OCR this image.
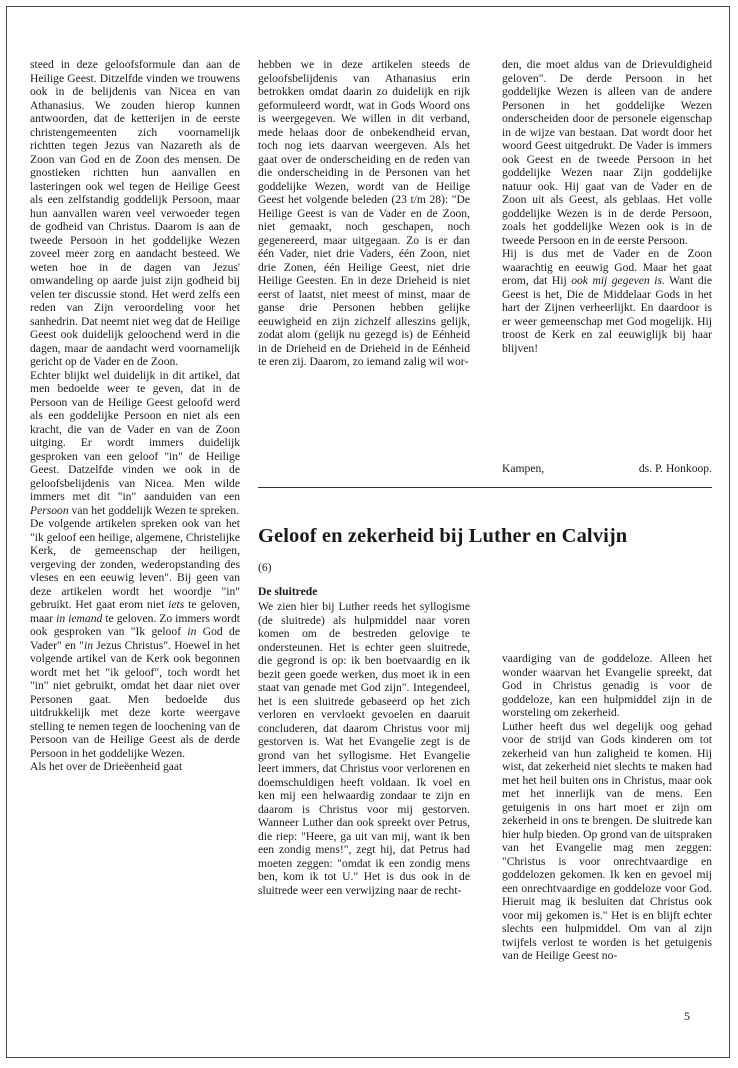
steed in deze geloofsformule dan aan de Heilige Geest. Ditzelfde vinden we trouwens ook in de belijdenis van Nicea en van Athanasius. We zouden hierop kunnen antwoorden, dat de ketterijen in de eerste christengemeenten zich voornamelijk richtten tegen Jezus van Nazareth als de Zoon van God en de Zoon des mensen. De gnostieken richtten hun aanvallen en lasteringen ook wel tegen de Heilige Geest als een zelfstandig goddelijk Persoon, maar hun aanvallen waren veel verwoeder tegen de godheid van Christus. Daarom is aan de tweede Persoon in het goddelijke Wezen zoveel meer zorg en aandacht besteed. We weten hoe in de dagen van Jezus' omwandeling op aarde juist zijn godheid bij velen ter discussie stond. Het werd zelfs een reden van Zijn veroordeling voor het sanhedrin. Dat neemt niet weg dat de Heilige Geest ook duidelijk geloochend werd in die dagen, maar de aandacht werd voornamelijk gericht op de Vader en de Zoon.

Echter blijkt wel duidelijk in dit artikel, dat men bedoelde weer te geven, dat in de Persoon van de Heilige Geest geloofd werd als een goddelijke Persoon en niet als een kracht, die van de Vader en van de Zoon uitging. Er wordt immers duidelijk gesproken van een geloof "in" de Heilige Geest. Datzelfde vinden we ook in de geloofsbelijdenis van Nicea. Men wilde immers met dit "in" aanduiden van een Persoon van het goddelijk Wezen te spreken.

De volgende artikelen spreken ook van het "ik geloof een heilige, algemene, Christelijke Kerk, de gemeenschap der heiligen, vergeving der zonden, wederopstanding des vleses en een eeuwig leven". Bij geen van deze artikelen wordt het woordje "in" gebruikt. Het gaat erom niet iets te geloven, maar in iemand te geloven. Zo immers wordt ook gesproken van "Ik geloof in God de Vader" en "in Jezus Christus". Hoewel in het volgende artikel van de Kerk ook begonnen wordt met het "ik geloof", toch wordt het "in" niet gebruikt, omdat het daar niet over Personen gaat. Men bedoelde dus uitdrukkelijk met deze korte weergave stelling te nemen tegen de loochening van de Persoon van de Heilige Geest als de derde Persoon in het goddelijke Wezen.

Als het over de Drieëenheid gaat

hebben we in deze artikelen steeds de geloofsbelijdenis van Athanasius erin betrokken omdat daarin zo duidelijk en rijk geformuleerd wordt, wat in Gods Woord ons is weergegeven. We willen in dit verband, mede helaas door de onbekendheid ervan, toch nog iets daarvan weergeven. Als het gaat over de onderscheiding en de reden van die onderscheiding in de Personen van het goddelijke Wezen, wordt van de Heilige Geest het volgende beleden (23 t/m 28): "De Heilige Geest is van de Vader en de Zoon, niet gemaakt, noch geschapen, noch gegenereerd, maar uitgegaan. Zo is er dan één Vader, niet drie Vaders, één Zoon, niet drie Zonen, één Heilige Geest, niet drie Heilige Geesten. En in deze Drieheid is niet eerst of laatst, niet meest of minst, maar de ganse drie Personen hebben gelijke eeuwigheid en zijn zichzelf alleszins gelijk, zodat alom (gelijk nu gezegd is) de Eénheid in de Drieheid en de Drieheid in de Eénheid te eren zij. Daarom, zo iemand zalig wil wor-

den, die moet aldus van de Drievuldigheid geloven". De derde Persoon in het goddelijke Wezen is alleen van de andere Personen in het goddelijke Wezen onderscheiden door de personele eigenschap in de wijze van bestaan. Dat wordt door het woord Geest uitgedrukt. De Vader is immers ook Geest en de tweede Persoon in het goddelijke Wezen naar Zijn goddelijke natuur ook. Hij gaat van de Vader en de Zoon uit als Geest, als geblaas. Het volle goddelijke Wezen is in de derde Persoon, zoals het goddelijke Wezen ook is in de tweede Persoon en in de eerste Persoon.

Hij is dus met de Vader en de Zoon waarachtig en eeuwig God. Maar het gaat erom, dat Hij ook mij gegeven is. Want die Geest is het, Die de Middelaar Gods in het hart der Zijnen verheerlijkt. En daardoor is er weer gemeenschap met God mogelijk. Hij troost de Kerk en zal eeuwiglijk bij haar blijven!

Kampen,	ds. P. Honkoop.
Geloof en zekerheid bij Luther en Calvijn
(6)
De sluitrede

We zien hier bij Luther reeds het syllogisme (de sluitrede) als hulpmiddel naar voren komen om de bestreden gelovige te ondersteunen. Het is echter geen sluitrede, die gegrond is op: ik ben boetvaardig en ik bezit geen goede werken, dus moet ik in een staat van genade met God zijn". Integendeel, het is een sluitrede gebaseerd op het zich verloren en vervloekt gevoelen en daaruit concluderen, dat daarom Christus voor mij gestorven is. Wat het Evangelie zegt is de grond van het syllogisme. Het Evangelie leert immers, dat Christus voor verlorenen en doemschuldigen heeft voldaan. Ik voel en ken mij een helwaardig zondaar te zijn en daarom is Christus voor mij gestorven. Wanneer Luther dan ook spreekt over Petrus, die riep: "Heere, ga uit van mij, want ik ben een zondig mens!", zegt hij, dat Petrus had moeten zeggen: "omdat ik een zondig mens ben, kom ik tot U." Het is dus ook in de sluitrede weer een verwijzing naar de recht-

vaardiging van de goddeloze. Alleen het wonder waarvan het Evangelie spreekt, dat God in Christus genadig is voor de goddeloze, kan een hulpmiddel zijn in de worsteling om zekerheid.

Luther heeft dus wel degelijk oog gehad voor de strijd van Gods kinderen om tot zekerheid van hun zaligheid te komen. Hij wist, dat zekerheid niet slechts te maken had met het heil buiten ons in Christus, maar ook met het innerlijk van de mens. Een getuigenis in ons hart moet er zijn om zekerheid in ons te brengen. De sluitrede kan hier hulp bieden. Op grond van de uitspraken van het Evangelie mag men zeggen: "Christus is voor onrechtvaardige en goddelozen gekomen. Ik ken en gevoel mij een onrechtvaardige en goddeloze voor God. Hieruit mag ik besluiten dat Christus ook voor mij gekomen is." Het is en blijft echter slechts een hulpmiddel. Om van al zijn twijfels verlost te worden is het getuigenis van de Heilige Geest no-

5
